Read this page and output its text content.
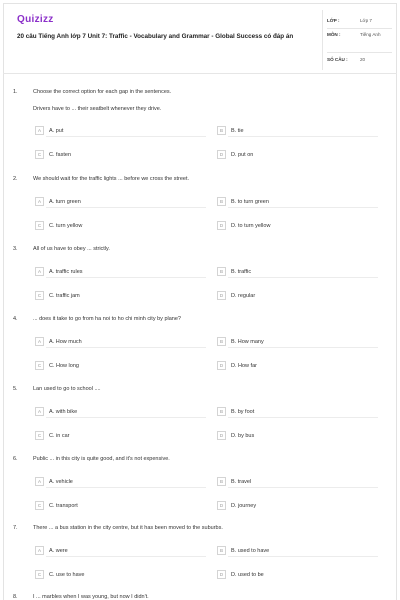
Quizizz
20 câu Tiếng Anh lớp 7 Unit 7: Traffic - Vocabulary and Grammar - Global Success có đáp án
LỚP :	Lớp 7
MÔN :	Tiếng Anh
SỐ CÂU :	20
1.	Choose the correct option for each gap in the sentences.
Drivers have to ... their seatbelt whenever they drive.
A	A. put	B	B. tie
C	C. fasten	D	D. put on
2.	We should wait for the traffic lights ... before we cross the street.
A	A. turn green	B	B. to turn green
C	C. turn yellow	D	D. to turn yellow
3.	All of us have to obey ... strictly.
A	A. traffic rules	B	B. traffic
C	C. traffic jam	D	D. regular
4.	... does it take to go from ha noi to ho chi minh city by plane?
A	A. How much	B	B. How many
C	C. How long	D	D. How far
5.	Lan used to go to school ....
A	A. with bike	B	B. by foot
C	C. in car	D	D. by bus
6.	Public ... in this city is quite good, and it's not expensive.
A	A. vehicle	B	B. travel
C	C. transport	D	D. journey
7.	There ... a bus station in the city centre, but it has been moved to the suburbs.
A	A. were	B	B. used to have
C	C. use to have	D	D. used to be
8.	I ... marbles when I was young, but now I didn't.
